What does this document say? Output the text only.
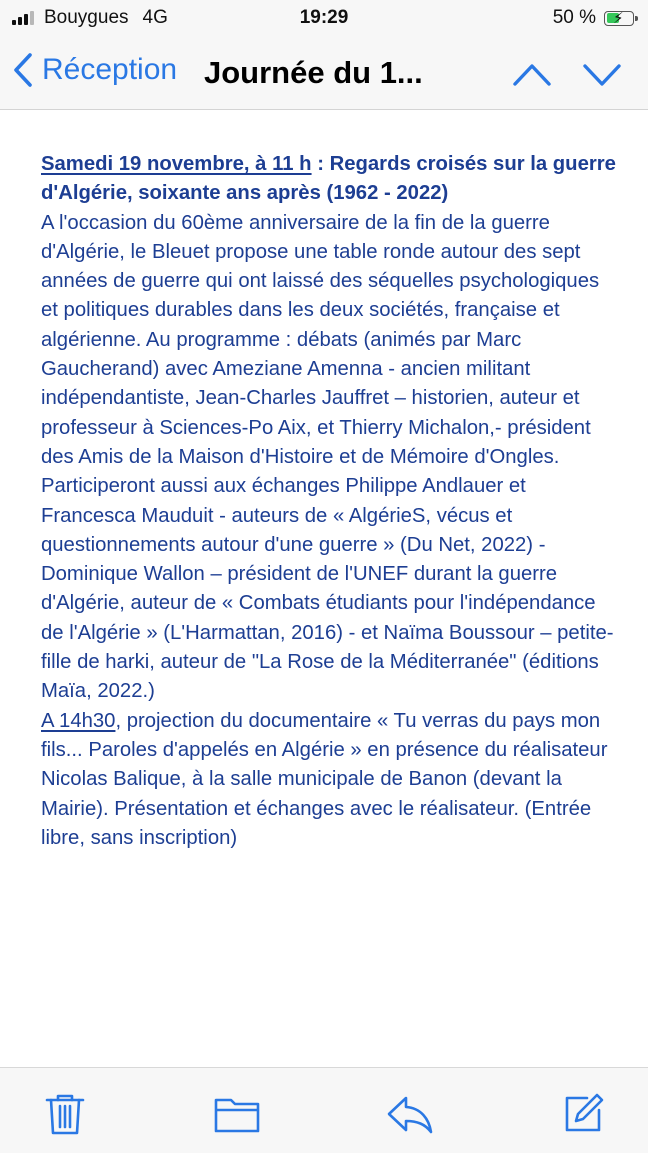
Bouygues 4G	19:29	50 % ⚡
Réception Journée du 1...

Samedi 19 novembre, à 11 h : Regards croisés sur la guerre d'Algérie, soixante ans après (1962 - 2022)

A l'occasion du 60ème anniversaire de la fin de la guerre d'Algérie, le Bleuet propose une table ronde autour des sept années de guerre qui ont laissé des séquelles psychologiques et politiques durables dans les deux sociétés, française et algérienne. Au programme : débats (animés par Marc Gaucherand) avec Ameziane Amenna - ancien militant indépendantiste, Jean-Charles Jauffret – historien, auteur et professeur à Sciences-Po Aix, et Thierry Michalon,- président des Amis de la Maison d'Histoire et de Mémoire d'Ongles.

Participeront aussi aux échanges Philippe Andlauer et Francesca Mauduit - auteurs de « AlgérieS, vécus et questionnements autour d'une guerre » (Du Net, 2022) - Dominique Wallon – président de l'UNEF durant la guerre d'Algérie, auteur de « Combats étudiants pour l'indépendance de l'Algérie » (L'Harmattan, 2016) - et Naïma Boussour – petite-fille de harki, auteur de "La Rose de la Méditerranée" (éditions Maïa, 2022.)

A 14h30, projection du documentaire « Tu verras du pays mon fils... Paroles d'appelés en Algérie » en présence du réalisateur Nicolas Balique, à la salle municipale de Banon (devant la Mairie). Présentation et échanges avec le réalisateur. (Entrée libre, sans inscription)
